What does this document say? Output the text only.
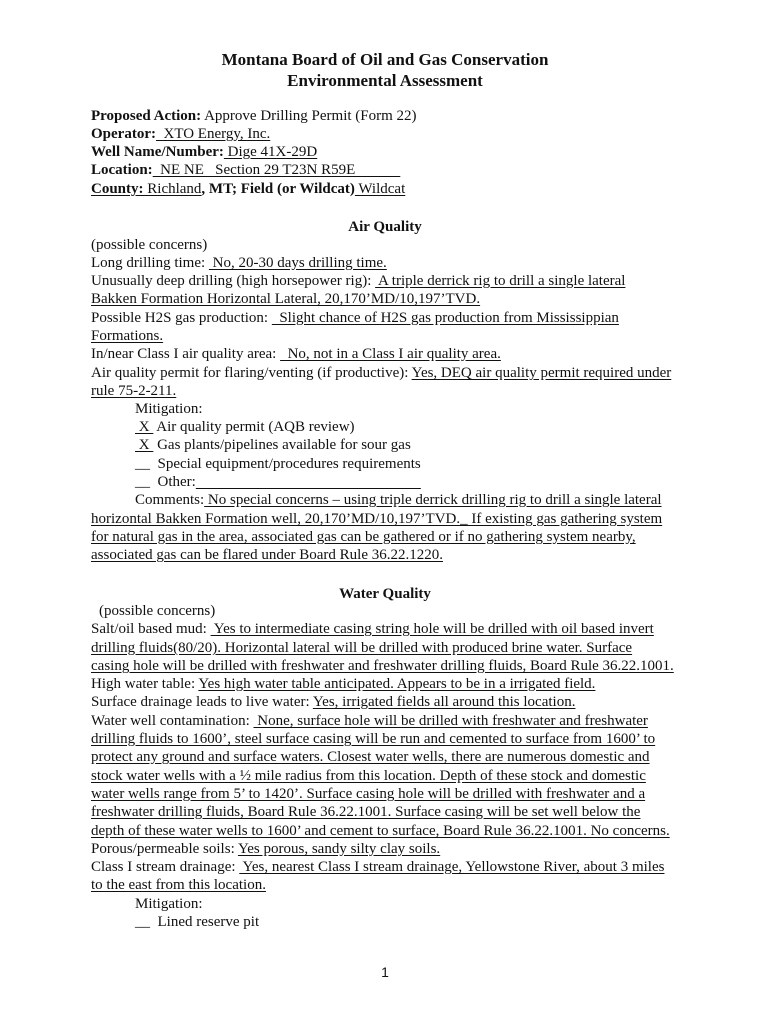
Montana Board of Oil and Gas Conservation
Environmental Assessment
Proposed Action: Approve Drilling Permit (Form 22)
Operator:  XTO Energy, Inc.
Well Name/Number: Dige 41X-29D
Location:  NE NE   Section 29 T23N R59E
County: Richland, MT; Field (or Wildcat) Wildcat
Air Quality
(possible concerns)
Long drilling time:  No, 20-30 days drilling time.
Unusually deep drilling (high horsepower rig):  A triple derrick rig to drill a single lateral
Bakken Formation Horizontal Lateral, 20,170’MD/10,197’TVD.
Possible H2S gas production:   Slight chance of H2S gas production from Mississippian
Formations.
In/near Class I air quality area:   No, not in a Class I air quality area.
Air quality permit for flaring/venting (if productive): Yes, DEQ air quality permit required under
rule 75-2-211.
Mitigation:
X  Air quality permit (AQB review)
X  Gas plants/pipelines available for sour gas
__  Special equipment/procedures requirements
__  Other:
Comments: No special concerns – using triple derrick drilling rig to drill a single lateral
horizontal Bakken Formation well, 20,170’MD/10,197’TVD._ If existing gas gathering system
for natural gas in the area, associated gas can be gathered or if no gathering system nearby,
associated gas can be flared under Board Rule 36.22.1220.
Water Quality
(possible concerns)
Salt/oil based mud:  Yes to intermediate casing string hole will be drilled with oil based invert
drilling fluids(80/20). Horizontal lateral will be drilled with produced brine water. Surface
casing hole will be drilled with freshwater and freshwater drilling fluids, Board Rule 36.22.1001.
High water table: Yes high water table anticipated. Appears to be in a irrigated field.
Surface drainage leads to live water: Yes, irrigated fields all around this location.
Water well contamination:  None, surface hole will be drilled with freshwater and freshwater
drilling fluids to 1600’, steel surface casing will be run and cemented to surface from 1600’ to
protect any ground and surface waters. Closest water wells, there are numerous domestic and
stock water wells with a ½ mile radius from this location. Depth of these stock and domestic
water wells range from 5’ to 1420’. Surface casing hole will be drilled with freshwater and a
freshwater drilling fluids, Board Rule 36.22.1001. Surface casing will be set well below the
depth of these water wells to 1600’ and cement to surface, Board Rule 36.22.1001. No concerns.
Porous/permeable soils: Yes porous, sandy silty clay soils.
Class I stream drainage:  Yes, nearest Class I stream drainage, Yellowstone River, about 3 miles
to the east from this location.
Mitigation:
__  Lined reserve pit
1
